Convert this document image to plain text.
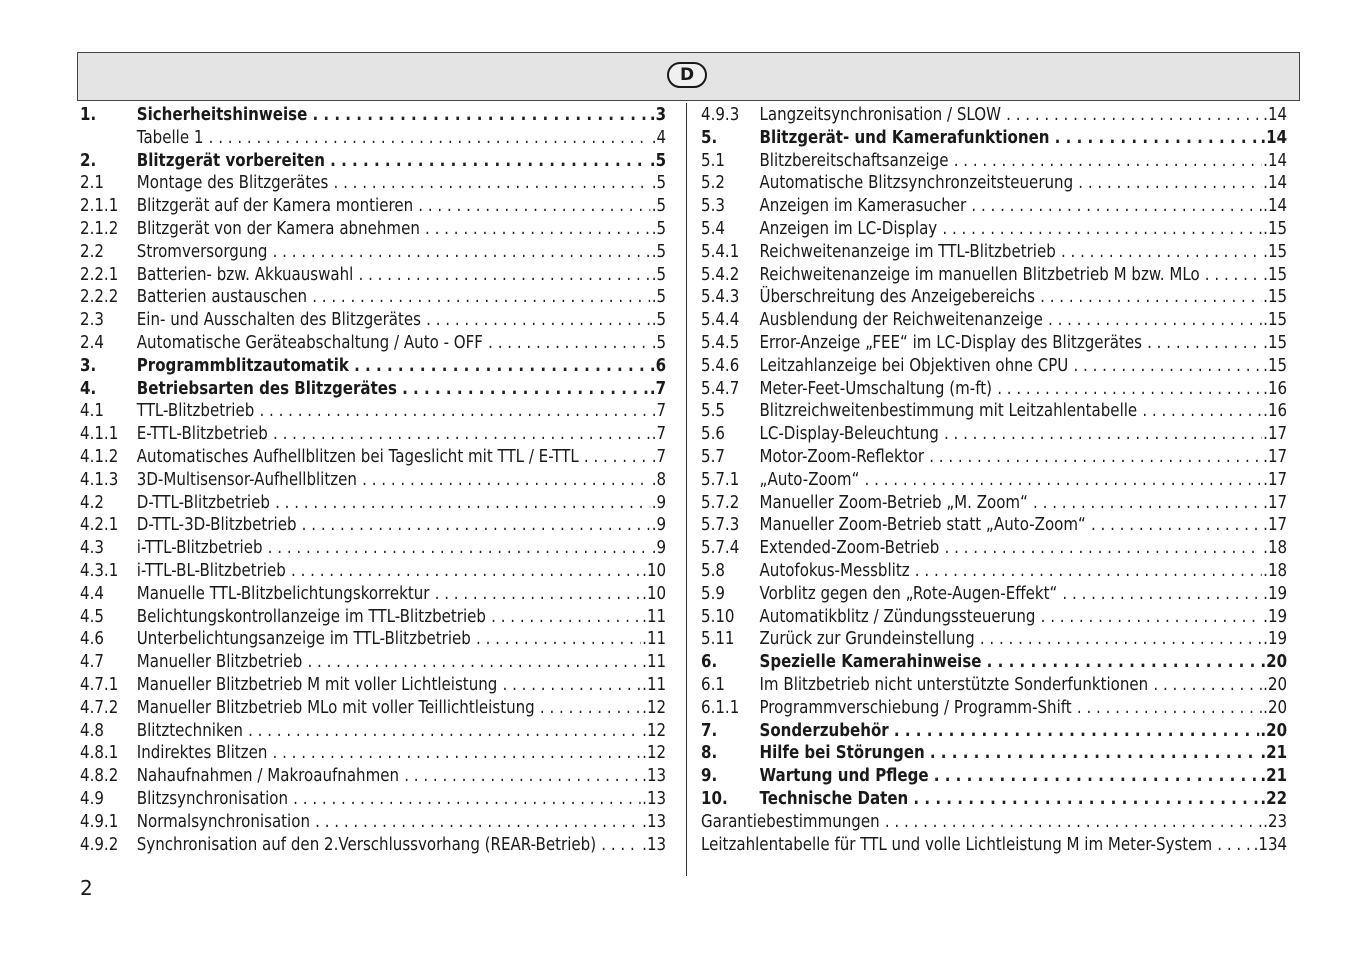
D
1.	Sicherheitshinweise . . .	.3
Tabelle 1 . . .	.4
2.	Blitzgerät vorbereiten . . .	.5
2.1	Montage des Blitzgerätes . . .	.5
2.1.1	Blitzgerät auf der Kamera montieren . . .	.5
2.1.2	Blitzgerät von der Kamera abnehmen . . .	.5
2.2	Stromversorgung . . .	.5
2.2.1	Batterien- bzw. Akkuauswahl . . .	.5
2.2.2	Batterien austauschen . . .	.5
2.3	Ein- und Ausschalten des Blitzgerätes . . .	.5
2.4	Automatische Geräteabschaltung / Auto - OFF . . .	.5
3.	Programmblitzautomatik . . .	.6
4.	Betriebsarten des Blitzgerätes . . .	.7
4.1	TTL-Blitzbetrieb . . .	.7
4.1.1	E-TTL-Blitzbetrieb . . .	.7
4.1.2	Automatisches Aufhellblitzen bei Tageslicht mit TTL / E-TTL . . .	.7
4.1.3	3D-Multisensor-Aufhellblitzen . . .	.8
4.2	D-TTL-Blitzbetrieb . . .	.9
4.2.1	D-TTL-3D-Blitzbetrieb . . .	.9
4.3	i-TTL-Blitzbetrieb . . .	.9
4.3.1	i-TTL-BL-Blitzbetrieb . . .	.10
4.4	Manuelle TTL-Blitzbelichtungskorrektur . . .	.10
4.5	Belichtungskontrollanzeige im TTL-Blitzbetrieb . . .	.11
4.6	Unterbelichtungsanzeige im TTL-Blitzbetrieb . . .	.11
4.7	Manueller Blitzbetrieb . . .	.11
4.7.1	Manueller Blitzbetrieb M mit voller Lichtleistung . . .	.11
4.7.2	Manueller Blitzbetrieb MLo mit voller Teillichtleistung . . .	.12
4.8	Blitztechniken . . .	.12
4.8.1	Indirektes Blitzen . . .	.12
4.8.2	Nahaufnahmen / Makroaufnahmen . . .	.13
4.9	Blitzsynchronisation . . .	.13
4.9.1	Normalsynchronisation . . .	.13
4.9.2	Synchronisation auf den 2.Verschlussvorhang (REAR-Betrieb) . . .	.13
4.9.3	Langzeitsynchronisation / SLOW . . .	.14
5.	Blitzgerät- und Kamerafunktionen . . .	.14
5.1	Blitzbereitschaftsanzeige . . .	.14
5.2	Automatische Blitzsynchronzeitsteuerung . . .	.14
5.3	Anzeigen im Kamerasucher . . .	.14
5.4	Anzeigen im LC-Display . . .	.15
5.4.1	Reichweitenanzeige im TTL-Blitzbetrieb . . .	.15
5.4.2	Reichweitenanzeige im manuellen Blitzbetrieb M bzw. MLo . . .	.15
5.4.3	Überschreitung des Anzeigebereichs . . .	.15
5.4.4	Ausblendung der Reichweitenanzeige . . .	.15
5.4.5	Error-Anzeige „FEE“ im LC-Display des Blitzgerätes . . .	.15
5.4.6	Leitzahlanzeige bei Objektiven ohne CPU . . .	.15
5.4.7	Meter-Feet-Umschaltung (m-ft) . . .	.16
5.5	Blitzreichweitenbestimmung mit Leitzahlentabelle . . .	.16
5.6	LC-Display-Beleuchtung . . .	.17
5.7	Motor-Zoom-Reflektor . . .	.17
5.7.1	„Auto-Zoom“ . . .	.17
5.7.2	Manueller Zoom-Betrieb „M. Zoom“ . . .	.17
5.7.3	Manueller Zoom-Betrieb statt „Auto-Zoom“ . . .	.17
5.7.4	Extended-Zoom-Betrieb . . .	.18
5.8	Autofokus-Messblitz . . .	.18
5.9	Vorblitz gegen den „Rote-Augen-Effekt“ . . .	.19
5.10	Automatikblitz / Zündungssteuerung . . .	.19
5.11	Zurück zur Grundeinstellung . . .	.19
6.	Spezielle Kamerahinweise . . .	.20
6.1	Im Blitzbetrieb nicht unterstützte Sonderfunktionen . . .	.20
6.1.1	Programmverschiebung / Programm-Shift . . .	.20
7.	Sonderzubehör . . .	.20
8.	Hilfe bei Störungen . . .	.21
9.	Wartung und Pflege . . .	.21
10.	Technische Daten . . .	.22
Garantiebestimmungen . . .	.23
Leitzahlentabelle für TTL und volle Lichtleistung M im Meter-System . . . .134
2
